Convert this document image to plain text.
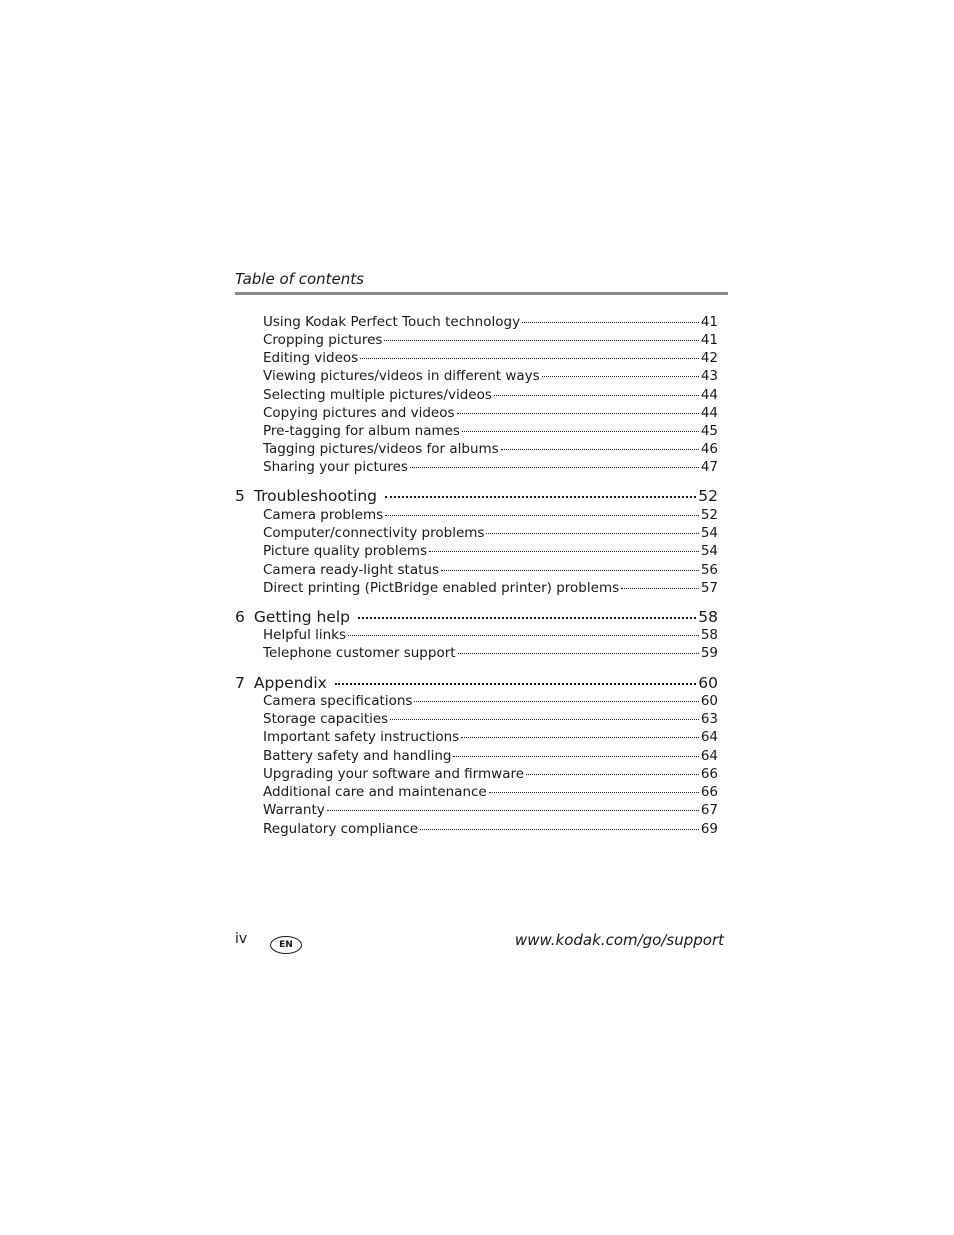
Table of contents
Using Kodak Perfect Touch technology	41
Cropping pictures	41
Editing videos	42
Viewing pictures/videos in different ways	43
Selecting multiple pictures/videos	44
Copying pictures and videos	44
Pre-tagging for album names	45
Tagging pictures/videos for albums	46
Sharing your pictures	47
5 Troubleshooting	52
Camera problems	52
Computer/connectivity problems	54
Picture quality problems	54
Camera ready-light status	56
Direct printing (PictBridge enabled printer) problems	57
6 Getting help	58
Helpful links	58
Telephone customer support	59
7 Appendix	60
Camera specifications	60
Storage capacities	63
Important safety instructions	64
Battery safety and handling	64
Upgrading your software and firmware	66
Additional care and maintenance	66
Warranty	67
Regulatory compliance	69
iv	EN	www.kodak.com/go/support
